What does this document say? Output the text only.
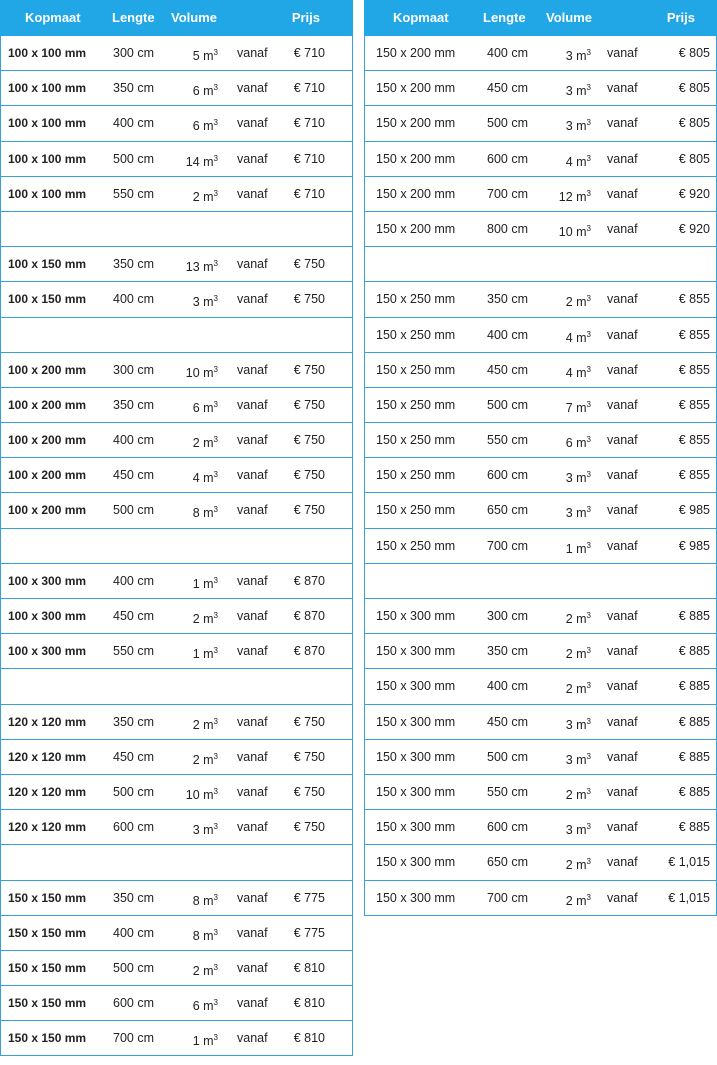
Kopmaat Lengte Volume	Prijs
100 x 100 mm 300 cm	5 $m^3$ vanaf € 710
100 x 100 mm 350 cm	6 $m^3$ vanaf € 710
100 x 100 mm 400 cm	6 $m^3$ vanaf € 710
100 x 100 mm 500 cm	14 $m^3$ vanaf € 710
100 x 100 mm 550 cm	2 $m^3$ vanaf € 710
100 x 150 mm 350 cm	13 $m^3$ vanaf € 750
100 x 150 mm 400 cm	3 $m^3$ vanaf € 750
100 x 200 mm 300 cm	10 $m^3$ vanaf € 750
100 x 200 mm 350 cm	6 $m^3$ vanaf € 750
100 x 200 mm 400 cm	2 $m^3$ vanaf € 750
100 x 200 mm 450 cm	4 $m^3$ vanaf € 750
100 x 200 mm 500 cm	8 $m^3$ vanaf € 750
100 x 300 mm 400 cm	1 $m^3$ vanaf € 870
100 x 300 mm 450 cm	2 $m^3$ vanaf € 870
100 x 300 mm 550 cm	1 $m^3$ vanaf € 870
120 x 120 mm 350 cm	2 $m^3$ vanaf € 750
120 x 120 mm 450 cm	2 $m^3$ vanaf € 750
120 x 120 mm 500 cm	10 $m^3$ vanaf € 750
120 x 120 mm 600 cm	3 $m^3$ vanaf € 750
150 x 150 mm 350 cm	8 $m^3$ vanaf € 775
150 x 150 mm 400 cm	8 $m^3$ vanaf € 775
150 x 150 mm 500 cm	2 $m^3$ vanaf € 810
150 x 150 mm 600 cm	6 $m^3$ vanaf € 810
150 x 150 mm 700 cm	1 $m^3$ vanaf € 810
Kopmaat	Lengte Volume	Prijs
150 x 200 mm	400 cm	3 $m^3$ vanaf	€ 805
150 x 200 mm	450 cm	3 $m^3$ vanaf	€ 805
150 x 200 mm	500 cm	3 $m^3$ vanaf	€ 805
150 x 200 mm	600 cm	4 $m^3$ vanaf	€ 805
150 x 200 mm	700 cm 12 $m^3$ vanaf	€ 920
150 x 200 mm	800 cm 10 $m^3$ vanaf	€ 920
150 x 250 mm	350 cm	2 $m^3$ vanaf	€ 855
150 x 250 mm	400 cm	4 $m^3$ vanaf	€ 855
150 x 250 mm	450 cm	4 $m^3$ vanaf	€ 855
150 x 250 mm	500 cm	7 $m^3$ vanaf	€ 855
150 x 250 mm	550 cm	6 $m^3$ vanaf	€ 855
150 x 250 mm	600 cm	3 $m^3$ vanaf	€ 855
150 x 250 mm	650 cm	3 $m^3$ vanaf	€ 985
150 x 250 mm	700 cm	1 $m^3$ vanaf	€ 985
150 x 300 mm	300 cm	2 $m^3$ vanaf	€ 885
150 x 300 mm	350 cm	2 $m^3$ vanaf	€ 885
150 x 300 mm	400 cm	2 $m^3$ vanaf	€ 885
150 x 300 mm	450 cm	3 $m^3$ vanaf	€ 885
150 x 300 mm	500 cm	3 $m^3$ vanaf	€ 885
150 x 300 mm	550 cm	2 $m^3$ vanaf	€ 885
150 x 300 mm	600 cm	3 $m^3$ vanaf	€ 885
150 x 300 mm	650 cm	2 $m^3$ vanaf € 1,015
150 x 300 mm	700 cm	2 $m^3$ vanaf € 1,015
